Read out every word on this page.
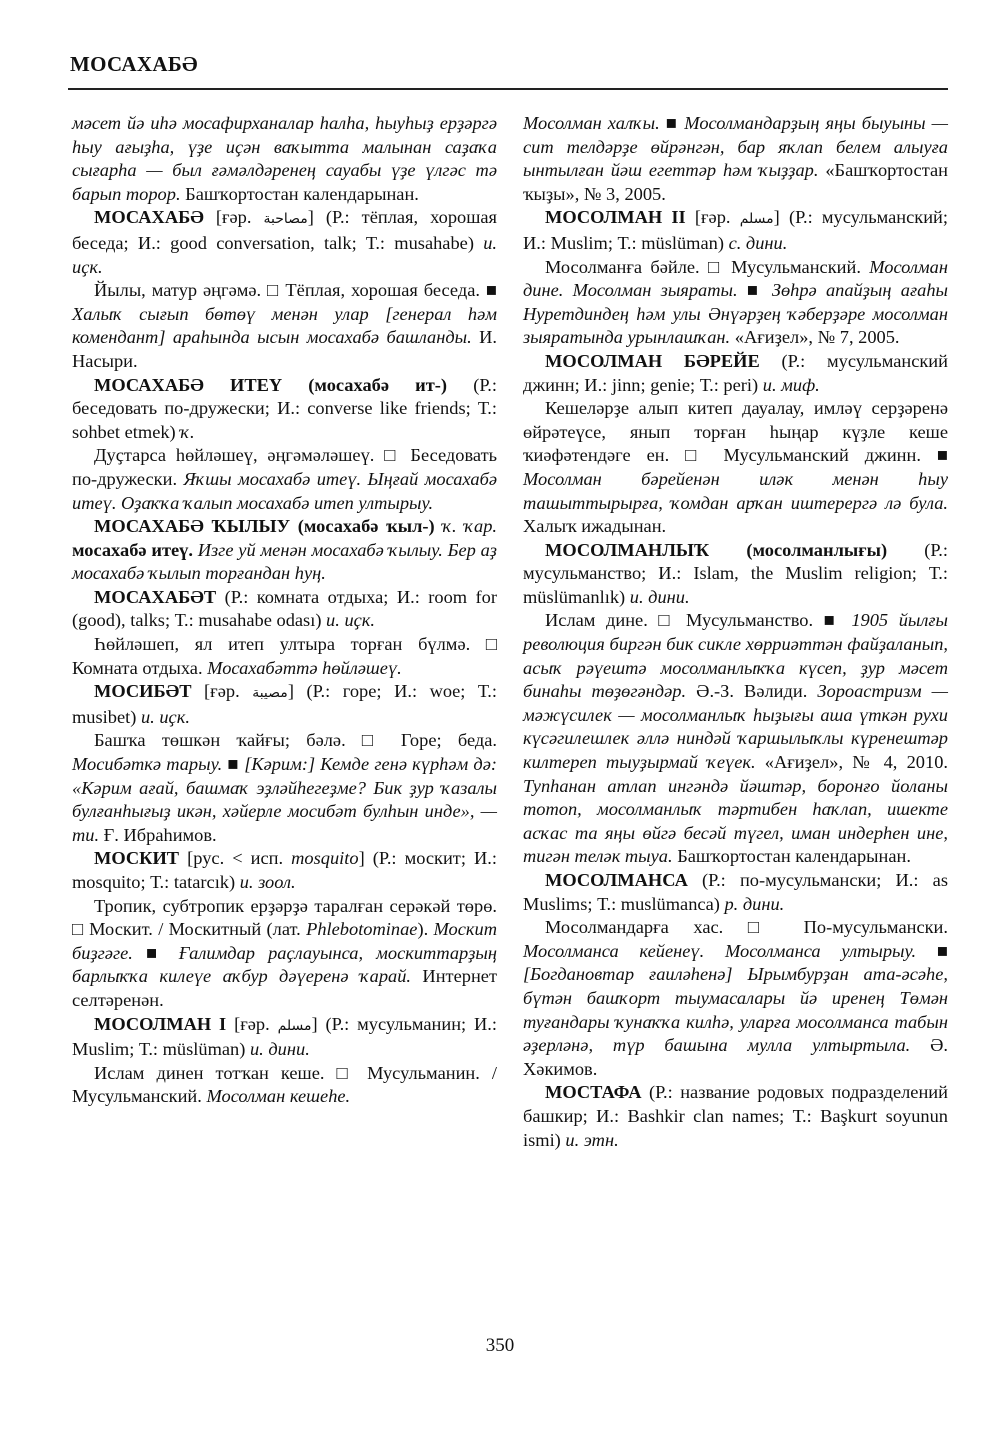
МОСАХАБӘ

мәсет йә иһә мосафирханалар һалһа, һыуһыҙ ерҙәргә һыу ағыҙһа, үҙе иҫән ваҡытта малынан саҙаҡа сығарһа — был ғәмәлдәренең сауабы үҙе үлгәс тә барып торор. Башҡортостан календарынан.

МОСАХАБӘ [ғәр. مصاحبة] (Р.: тёплая, хорошая беседа; И.: good conversation, talk; Т.: musahabe) и. иҫк.

Йылы, матур әңгәмә. □ Тёплая, хорошая беседа. ■ Халыҡ сығып бөтөү менән улар [генерал һәм комендант] араһында ысын мосахабә башланды. И. Насыри.

МОСАХАБӘ ИТЕҮ (мосахабә ит-) (Р.: беседовать по-дружески; И.: converse like friends; Т.: sohbet etmek) ҡ.

Дуҫтарса һөйләшеү, әңгәмәләшеү. □ Беседовать по-дружески. Яҡшы мосахабә итеү. Ыңғай мосахабә итеү. Оҙаҡҡа ҡалып мосахабә итеп ултырыу.

МОСАХАБӘ ҠЫЛЫУ (мосахабә ҡыл-) ҡ. ҡар. мосахабә итеү. Изге уй менән мосахабә ҡылыу. Бер аҙ мосахабә ҡылып торғандан һуң.

МОСАХАБӘТ (Р.: комната отдыха; И.: room for (good), talks; Т.: musahabe odası) и. иҫк.

Һөйләшеп, ял итеп ултыра торған бүлмә. □ Комната отдыха. Мосахабәттә һөйләшеү.

МОСИБӘТ [ғәр. مصيبة] (Р.: горе; И.: woe; Т.: musibet) и. иҫк.

Башҡа төшкән ҡайғы; бәлә. □ Горе; беда. Мосибәткә тарыу. ■ [Кәрим:] Кемде генә күрһәм дә: «Кәрим ағай, башмаҡ эҙләйһегеҙме? Бик ҙур ҡазалы булғанһығыҙ икән, хәйерле мосибәт булһын инде», — ти. Ғ. Ибраһимов.

МОСКИТ [рус. < исп. mosquito] (Р.: москит; И.: mosquito; Т.: tatarcık) и. зоол.

Тропик, субтропик ерҙәрҙә таралған серәкәй төрө. □ Москит. / Москитный (лат. Phlebotominae). Москит биҙгәге. ■ Ғалимдар раҫлауынса, москиттарҙың барлыҡҡа килеүе аҡбур дәүеренә ҡарай. Интернет селтәренән.

МОСОЛМАН I [ғәр. مسلم] (Р.: мусульманин; И.: Muslim; Т.: müslüman) и. дини.

Ислам динен тотҡан кеше. □ Мусульманин. / Мусульманский. Мосолман кешеһе.

Мосолман халҡы. ■ Мосолмандарҙың яңы быуыны — сит телдәрҙе өйрәнгән, бар яҡлап белем алыуға ынтылған йәш егеттәр һәм ҡыҙҙар. «Башҡортостан ҡыҙы», № 3, 2005.

МОСОЛМАН II [ғәр. مسلم] (Р.: мусульманский; И.: Muslim; Т.: müslüman) с. дини.

Мосолманға бәйле. □ Мусульманский. Мосолман дине. Мосолман зыяраты. ■ Зөһрә апайҙың ағаһы Нуретдиндең һәм улы Әнүәрҙең ҡәберҙәре мосолман зыяратында урынлашҡан. «Ағиҙел», № 7, 2005.

МОСОЛМАН БӘРЕЙЕ (Р.: мусульманский джинн; И.: jinn; genie; Т.: peri) и. миф.

Кешеләрҙе алып китеп дауалау, имләү серҙәренә өйрәтеүсе, янып торған һыңар күҙле кеше ҡиәфәтендәге ен. □ Мусульманский джинн. ■ Мосолман бәрейенән иләк менән һыу ташыттырырға, ҡомдан арҡан иштерергә лә була. Халыҡ ижадынан.

МОСОЛМАНЛЫҠ (мосолманлығы) (Р.: мусульманство; И.: Islam, the Muslim religion; Т.: müslümanlık) и. дини.

Ислам дине. □ Мусульманство. ■ 1905 йылғы революция биргән бик сикле хөрриәттән файҙаланып, асыҡ рәүештә мосолманлыҡҡа күсеп, ҙур мәсет бинаһы төҙөгәндәр. Ә.-З. Вәлиди. Зороастризм — мәжүсилек — мосолманлыҡ һыҙығы аша үткән рухи күсәгилешлек әллә ниндәй ҡаршылыҡлы күренештәр килтереп тыуҙырмай ҡеүек. «Ағиҙел», № 4, 2010. Тупһанан атлап ингәндә йәштәр, боронғо йоланы тотоп, мосолманлыҡ тәртибен һаҡлап, ишекте асҡас та яңы өйгә бесәй түгел, иман индерһен ине, тигән теләк тыуа. Башҡортостан календарынан.

МОСОЛМАНСА (Р.: по-мусульмански; И.: as Muslims; Т.: muslümanca) р. дини.

Мосолмандарға хас. □ По-мусульмански. Мосолманса кейенеү. Мосолманса ултырыу. ■ [Богдановтар ғаиләһенә] Ырымбурҙан ата-әсәһе, бүтән башҡорт тыумасалары йә иренең Төмән туғандары ҡунаҡҡа килһә, уларға мосолманса табын әҙерләнә, түр башына мулла ултыртыла. Ә. Хәкимов.

МОСТАФА (Р.: название родовых подразделений башкир; И.: Bashkir clan names; Т.: Başkurt soyunun ismi) и. этн.

350
